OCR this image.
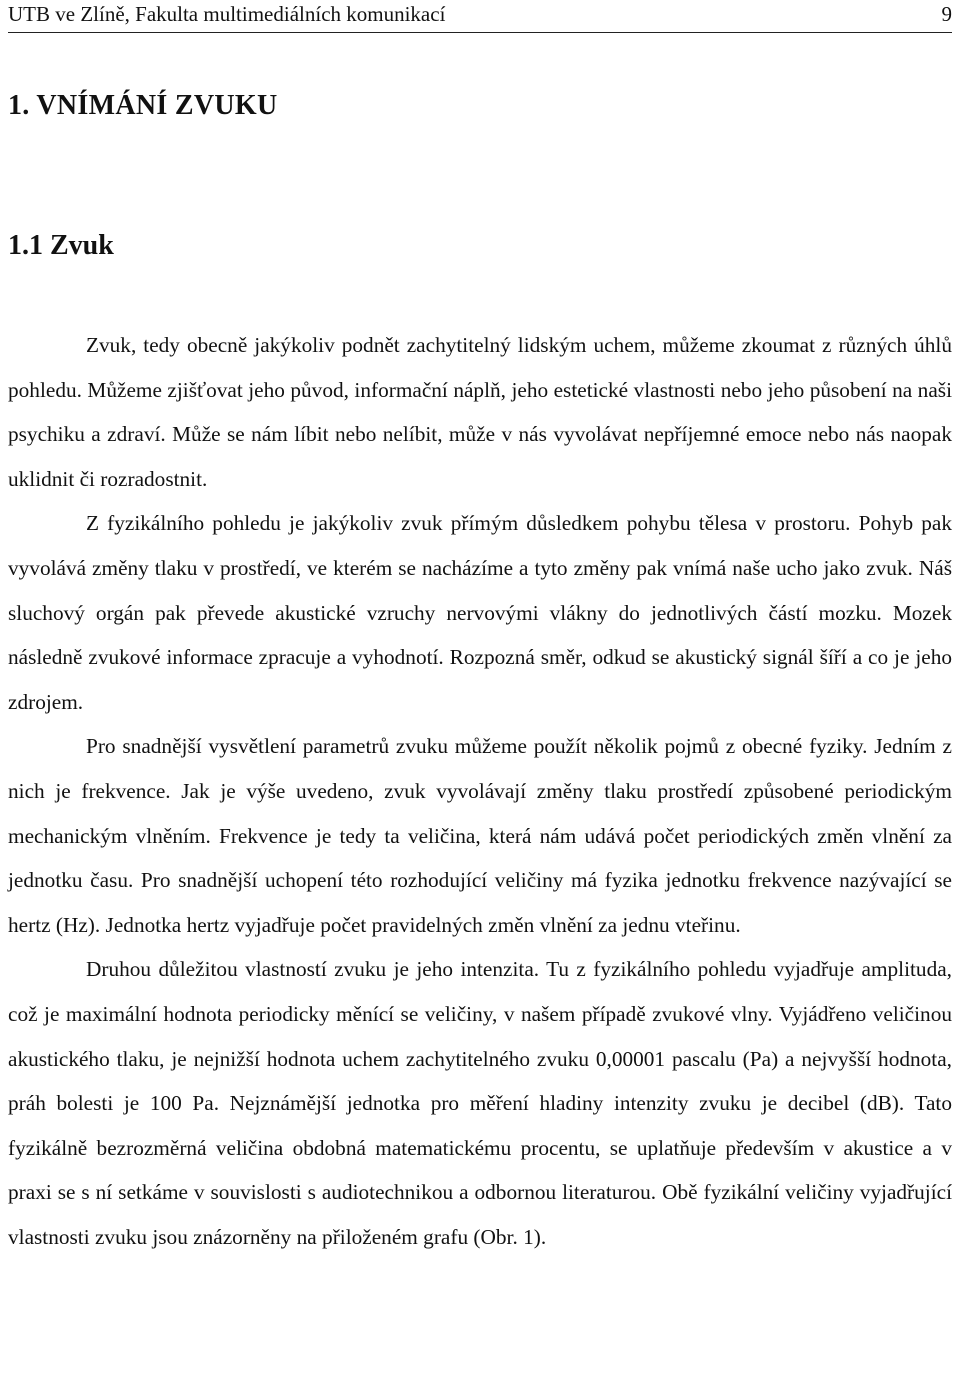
UTB ve Zlíně, Fakulta multimediálních komunikací	9
1. VNÍMÁNÍ ZVUKU
1.1 Zvuk

Zvuk, tedy obecně jakýkoliv podnět zachytitelný lidským uchem, můžeme zkoumat z různých úhlů pohledu. Můžeme zjišťovat jeho původ, informační náplň, jeho estetické vlastnosti nebo jeho působení na naši psychiku a zdraví. Může se nám líbit nebo nelíbit, může v nás vyvolávat nepříjemné emoce nebo nás naopak uklidnit či rozradostnit.

Z fyzikálního pohledu je jakýkoliv zvuk přímým důsledkem pohybu tělesa v prostoru. Pohyb pak vyvolává změny tlaku v prostředí, ve kterém se nacházíme a tyto změny pak vnímá naše ucho jako zvuk. Náš sluchový orgán pak převede akustické vzruchy nervovými vlákny do jednotlivých částí mozku. Mozek následně zvukové informace zpracuje a vyhodnotí. Rozpozná směr, odkud se akustický signál šíří a co je jeho zdrojem.

Pro snadnější vysvětlení parametrů zvuku můžeme použít několik pojmů z obecné fyziky. Jedním z nich je frekvence. Jak je výše uvedeno, zvuk vyvolávají změny tlaku prostředí způsobené periodickým mechanickým vlněním. Frekvence je tedy ta veličina, která nám udává počet periodických změn vlnění za jednotku času. Pro snadnější uchopení této rozhodující veličiny má fyzika jednotku frekvence nazývající se hertz (Hz). Jednotka hertz vyjadřuje počet pravidelných změn vlnění za jednu vteřinu.

Druhou důležitou vlastností zvuku je jeho intenzita. Tu z fyzikálního pohledu vyjadřuje amplituda, což je maximální hodnota periodicky měnící se veličiny, v našem případě zvukové vlny. Vyjádřeno veličinou akustického tlaku, je nejnižší hodnota uchem zachytitelného zvuku 0,00001 pascalu (Pa) a nejvyšší hodnota, práh bolesti je 100 Pa. Nejznámější jednotka pro měření hladiny intenzity zvuku je decibel (dB). Tato fyzikálně bezrozměrná veličina obdobná matematickému procentu, se uplatňuje především v akustice a v praxi se s ní setkáme v souvislosti s audiotechnikou a odbornou literaturou. Obě fyzikální veličiny vyjadřující vlastnosti zvuku jsou znázorněny na přiloženém grafu (Obr. 1).
